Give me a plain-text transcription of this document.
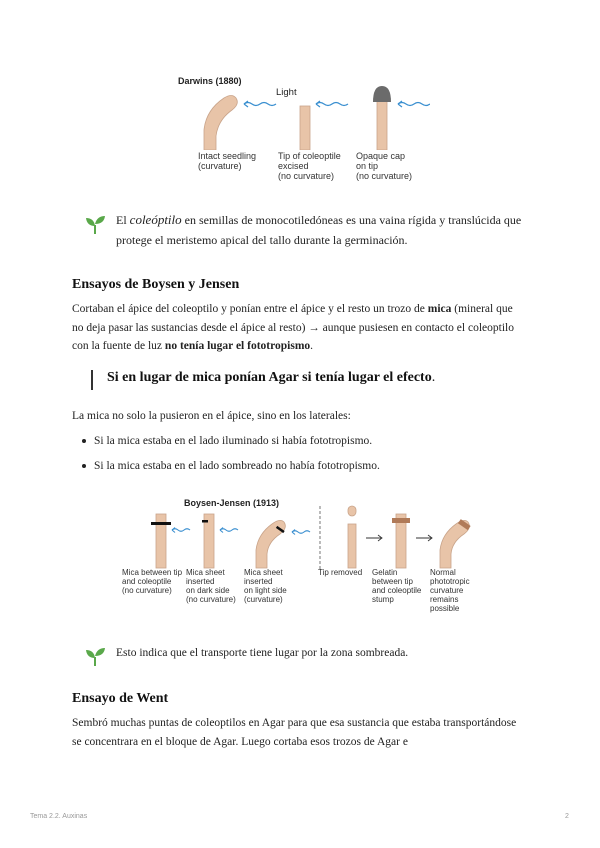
Darwins (1880)
Light
Intact seedling
(curvature)
Tip of coleoptile
excised
(no curvature)
Opaque cap
on tip
(no curvature)
El coleóptilo en semillas de monocotiledóneas es una vaina rígida y translúcida que protege el meristemo apical del tallo durante la germinación.
Ensayos de Boysen y Jensen
Cortaban el ápice del coleoptilo y ponían entre el ápice y el resto un trozo de mica (mineral que no deja pasar las sustancias desde el ápice al resto) → aunque pusiesen en contacto el coleoptilo con la fuente de luz no tenía lugar el fototropismo.
Si en lugar de mica ponían Agar si tenía lugar el efecto.
La mica no solo la pusieron en el ápice, sino en los laterales:
Si la mica estaba en el lado iluminado si había fototropismo.
Si la mica estaba en el lado sombreado no había fototropismo.
Boysen-Jensen (1913)
Mica between tip
and coleoptile
(no curvature)
Mica sheet
inserted
on dark side
(no curvature)
Mica sheet
inserted
on light side
(curvature)
Tip removed Gelatin
between tip
and coleoptile
stump
Normal
phototropic
curvature
remains
possible
Esto indica que el transporte tiene lugar por la zona sombreada.
Ensayo de Went
Sembró muchas puntas de coleoptilos en Agar para que esa sustancia que estaba transportándose se concentrara en el bloque de Agar. Luego cortaba esos trozos de Agar e
Tema 2.2. Auxinas	2
